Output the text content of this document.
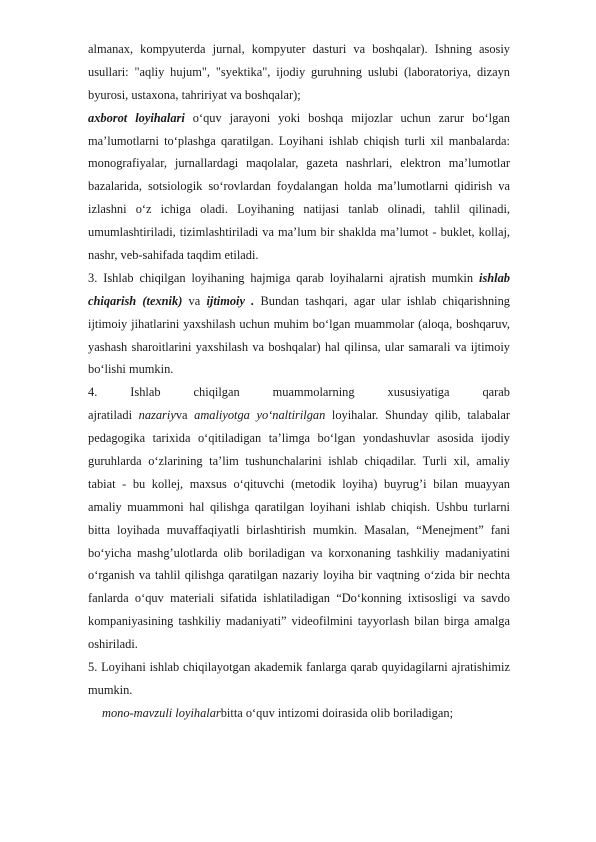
almanax, kompyuterda jurnal, kompyuter dasturi va boshqalar). Ishning asosiy
usullari: "aqliy hujum", "syektika", ijodiy guruhning uslubi (laboratoriya, dizayn
byurosi, ustaxona, tahririyat va boshqalar);
axborot loyihalari o‘quv jarayoni yoki boshqa mijozlar uchun zarur bo‘lgan
ma’lumotlarni to‘plashga qaratilgan. Loyihani ishlab chiqish turli xil manbalarda:
monografiyalar, jurnallardagi maqolalar, gazeta nashrlari, elektron ma’lumotlar
bazalarida, sotsiologik so‘rovlardan foydalangan holda ma’lumotlarni qidirish va
izlashni o‘z ichiga oladi. Loyihaning natijasi tanlab olinadi, tahlil qilinadi,
umumlashtiriladi, tizimlashtiriladi va ma’lum bir shaklda ma’lumot - buklet, kollaj,
nashr, veb-sahifada taqdim etiladi.
3. Ishlab chiqilgan loyihaning hajmiga qarab loyihalarni ajratish mumkin ishlab
chiqarish (texnik) va ijtimoiy . Bundan tashqari, agar ular ishlab chiqarishning
ijtimoiy jihatlarini yaxshilash uchun muhim bo‘lgan muammolar (aloqa, boshqaruv,
yashash sharoitlarini yaxshilash va boshqalar) hal qilinsa, ular samarali va ijtimoiy
bo‘lishi mumkin.
4. Ishlab chiqilgan muammolarning xususiyatiga qarab
ajratiladi nazariyva amaliyotga yo‘naltirilgan loyihalar. Shunday qilib, talabalar
pedagogika tarixida o‘qitiladigan ta’limga bo‘lgan yondashuvlar asosida ijodiy
guruhlarda o‘zlarining ta’lim tushunchalarini ishlab chiqadilar. Turli xil, amaliy
tabiat - bu kollej, maxsus o‘qituvchi (metodik loyiha) buyrug’i bilan muayyan
amaliy muammoni hal qilishga qaratilgan loyihani ishlab chiqish. Ushbu turlarni
bitta loyihada muvaffaqiyatli birlashtirish mumkin. Masalan, “Menejment” fani
bo‘yicha mashg’ulotlarda olib boriladigan va korxonaning tashkiliy madaniyatini
o‘rganish va tahlil qilishga qaratilgan nazariy loyiha bir vaqtning o‘zida bir nechta
fanlarda o‘quv materiali sifatida ishlatiladigan “Do‘konning ixtisosligi va savdo
kompaniyasining tashkiliy madaniyati” videofilmini tayyorlash bilan birga amalga
oshiriladi.
5. Loyihani ishlab chiqilayotgan akademik fanlarga qarab quyidagilarni ajratishimiz
mumkin.
mono-mavzuli loyihalarbitta o‘quv intizomi doirasida olib boriladigan;
